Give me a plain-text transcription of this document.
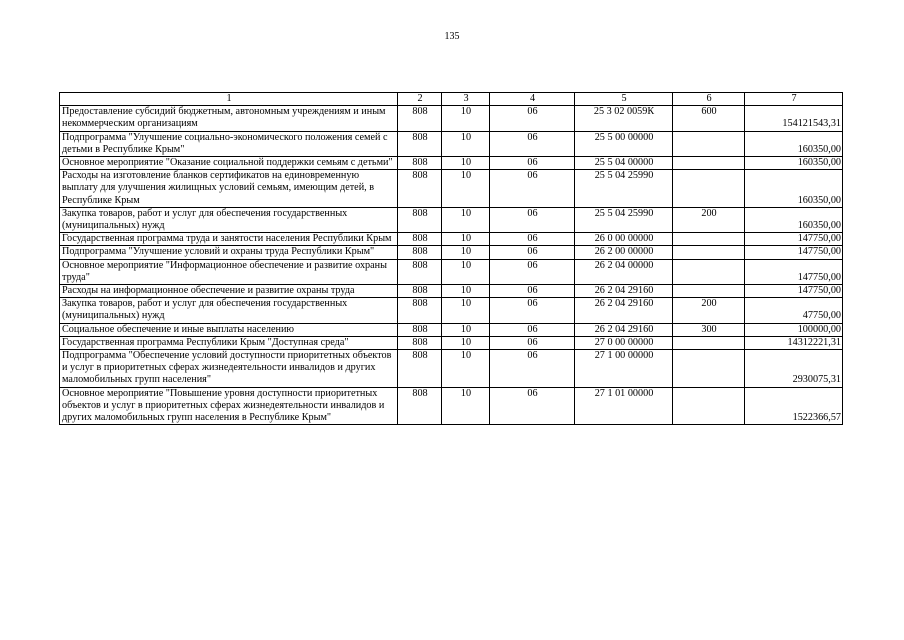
135
1	2	3	4	5	6	7
Предоставление субсидий бюджетным, автономным учреждениям и иным некоммерческим организациям	808	10	06	25 3 02 0059К	600	154121543,31
Подпрограмма "Улучшение социально-экономического положения семей с детьми в Республике Крым"	808	10	06	25 5 00 00000		160350,00
Основное мероприятие "Оказание социальной поддержки семьям с детьми"	808	10	06	25 5 04 00000		160350,00
Расходы на изготовление бланков сертификатов на единовременную выплату для улучшения жилищных условий семьям, имеющим детей, в Республике Крым	808	10	06	25 5 04 25990		160350,00
Закупка товаров, работ и услуг для обеспечения государственных (муниципальных) нужд	808	10	06	25 5 04 25990	200	160350,00
Государственная программа труда и занятости населения Республики Крым	808	10	06	26 0 00 00000		147750,00
Подпрограмма "Улучшение условий и охраны труда Республики Крым"	808	10	06	26 2 00 00000		147750,00
Основное мероприятие "Информационное обеспечение и развитие охраны труда"	808	10	06	26 2 04 00000		147750,00
Расходы на информационное обеспечение и развитие охраны труда	808	10	06	26 2 04 29160		147750,00
Закупка товаров, работ и услуг для обеспечения государственных (муниципальных) нужд	808	10	06	26 2 04 29160	200	47750,00
Социальное обеспечение и иные выплаты населению	808	10	06	26 2 04 29160	300	100000,00
Государственная программа Республики Крым "Доступная среда"	808	10	06	27 0 00 00000		14312221,31
Подпрограмма "Обеспечение условий доступности приоритетных объектов и услуг в приоритетных сферах жизнедеятельности инвалидов и других маломобильных групп населения"	808	10	06	27 1 00 00000		2930075,31
Основное мероприятие "Повышение уровня доступности приоритетных объектов и услуг в приоритетных сферах жизнедеятельности инвалидов и других маломобильных групп населения в Республике Крым"	808	10	06	27 1 01 00000		1522366,57
